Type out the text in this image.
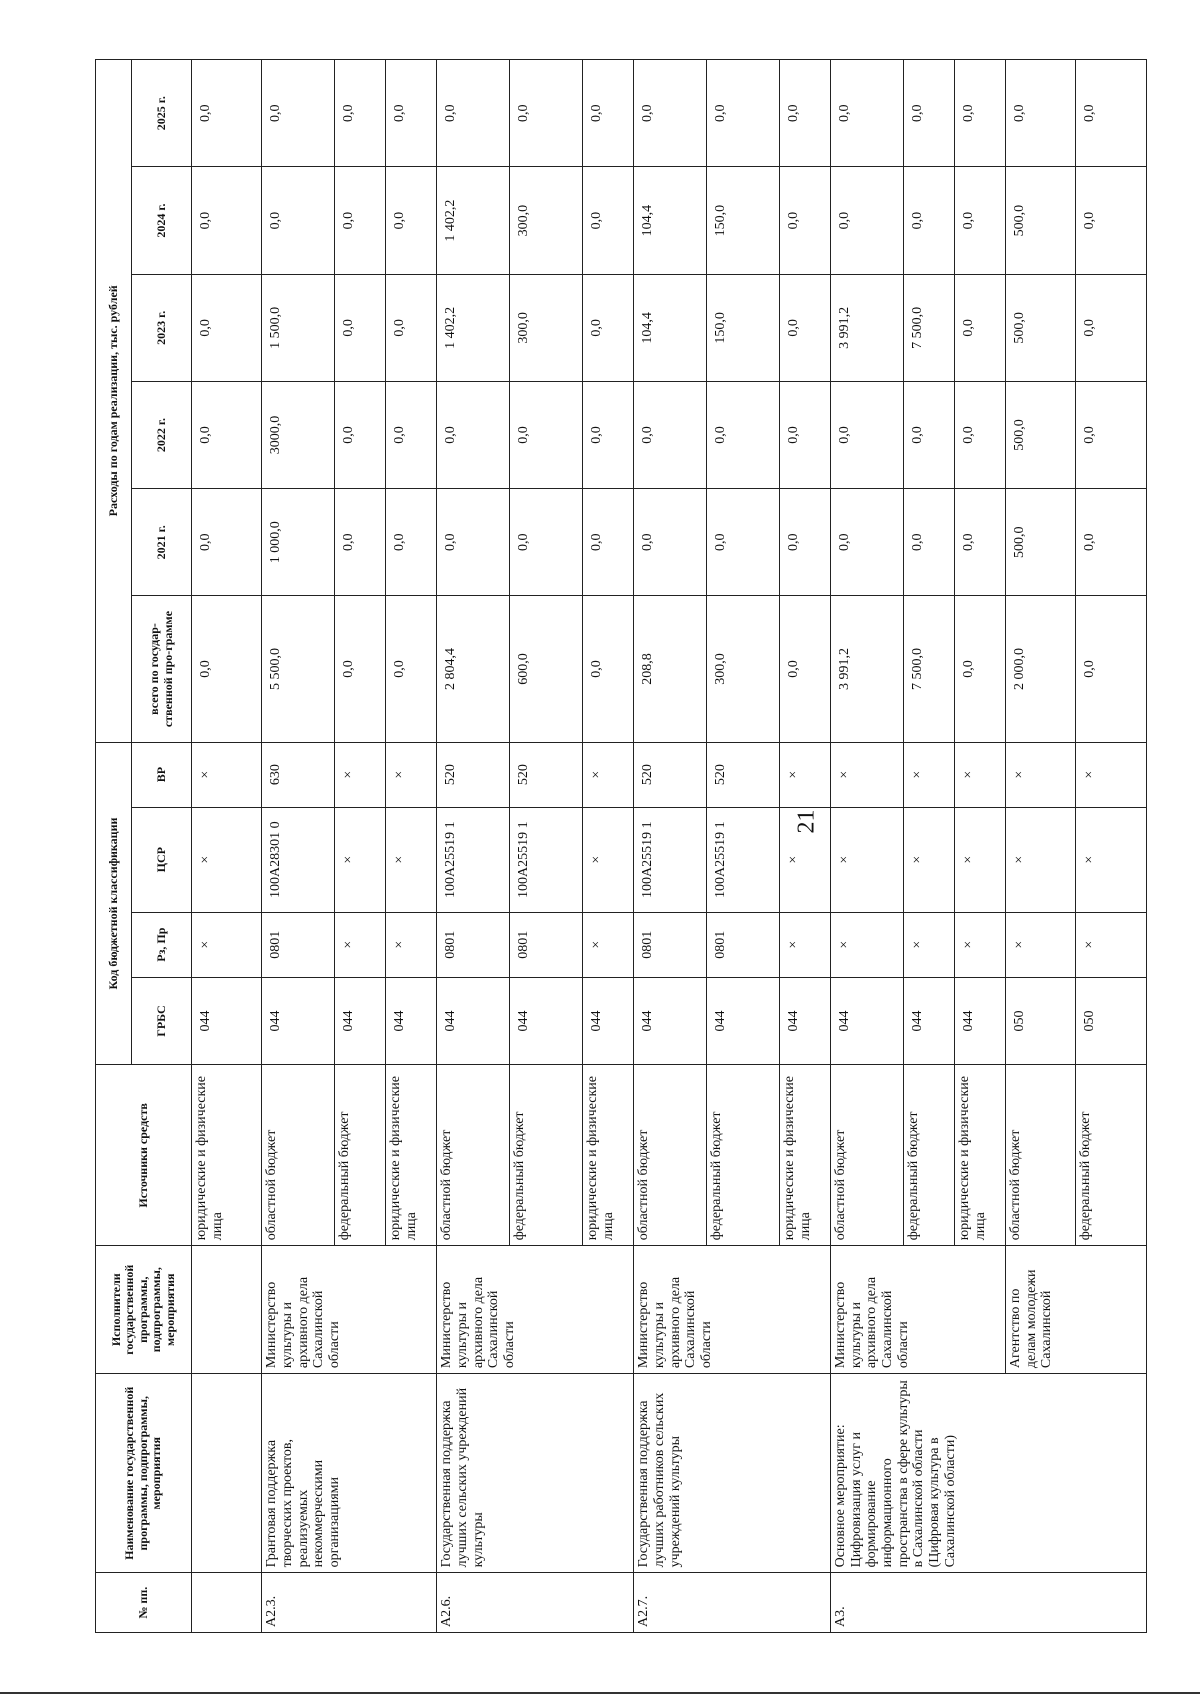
21
№ пп.	Наименование государственной программы, подпрограммы, мероприятия	Исполнители государственной программы, подпрограммы, мероприятия	Источники средств	Код бюджетной классификации				Расходы по годам реализации, тыс. рублей					
				ГРБС	Рз, Пр	ЦСР	ВР	всего по государ-ственной про-грамме	2021 г.	2022 г.	2023 г.	2024 г.	2025 г.
			юридические и физические лица	044	×	×	×	0,0	0,0	0,0	0,0	0,0	0,0
А2.3.	Грантовая поддержка творческих проектов, реализуемых некоммерческими организациями	Министерство культуры и архивного дела Сахалинской области	областной бюджет	044	0801	100А28301 0	630	5 500,0	1 000,0	3000,0	1 500,0	0,0	0,0
			федеральный бюджет	044	×	×	×	0,0	0,0	0,0	0,0	0,0	0,0
			юридические и физические лица	044	×	×	×	0,0	0,0	0,0	0,0	0,0	0,0
А2.6.	Государственная поддержка лучших сельских учреждений культуры	Министерство культуры и архивного дела Сахалинской области	областной бюджет	044	0801	100А25519 1	520	2 804,4	0,0	0,0	1 402,2	1 402,2	0,0
			федеральный бюджет	044	0801	100А25519 1	520	600,0	0,0	0,0	300,0	300,0	0,0
			юридические и физические лица	044	×	×	×	0,0	0,0	0,0	0,0	0,0	0,0
А2.7.	Государственная поддержка лучших работников сельских учреждений культуры	Министерство культуры и архивного дела Сахалинской области	областной бюджет	044	0801	100А25519 1	520	208,8	0,0	0,0	104,4	104,4	0,0
			федеральный бюджет	044	0801	100А25519 1	520	300,0	0,0	0,0	150,0	150,0	0,0
			юридические и физические лица	044	×	×	×	0,0	0,0	0,0	0,0	0,0	0,0
А3.	Основное мероприятие: Цифровизация услуг и формирование информационного пространства в сфере культуры в Сахалинской области (Цифровая культура в Сахалинской области)	Министерство культуры и архивного дела Сахалинской области	областной бюджет	044	×	×	×	3 991,2	0,0	0,0	3 991,2	0,0	0,0
			федеральный бюджет	044	×	×	×	7 500,0	0,0	0,0	7 500,0	0,0	0,0
			юридические и физические лица	044	×	×	×	0,0	0,0	0,0	0,0	0,0	0,0
		Агентство по делам молодежи Сахалинской	областной бюджет	050	×	×	×	2 000,0	500,0	500,0	500,0	500,0	0,0
			федеральный бюджет	050	×	×	×	0,0	0,0	0,0	0,0	0,0	0,0
